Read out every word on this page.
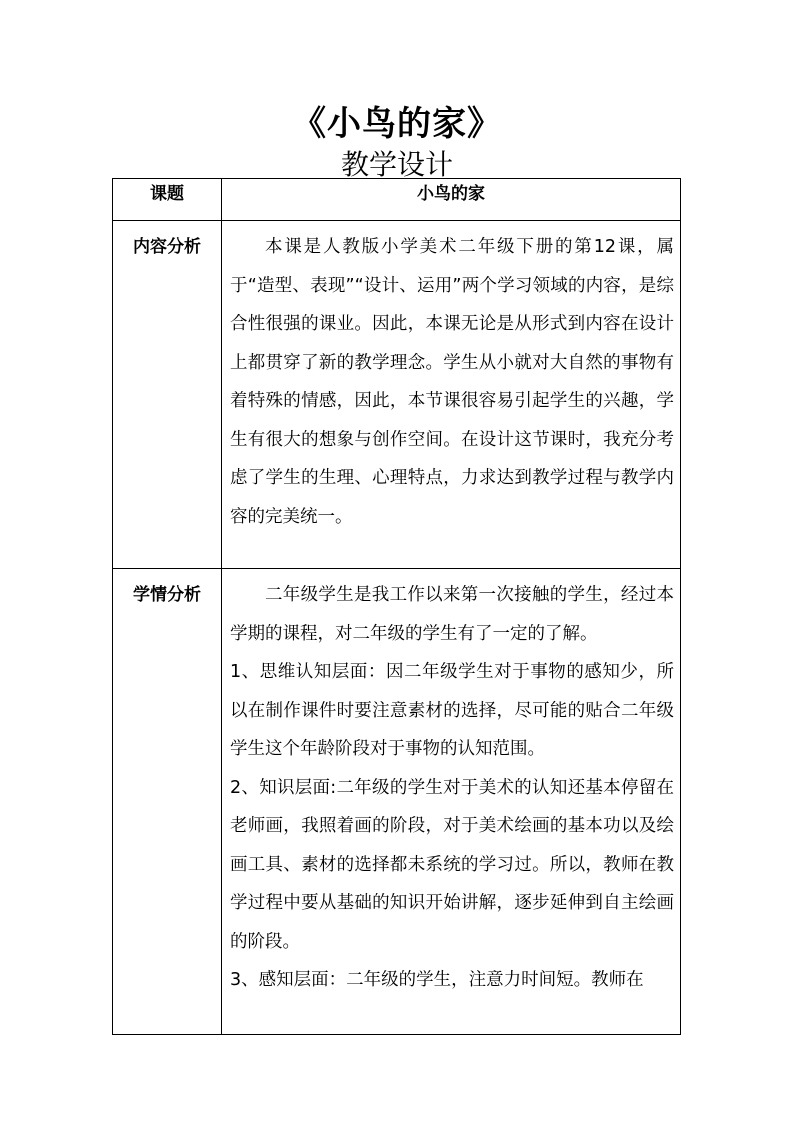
《小鸟的家》
教学设计
课题	小鸟的家
内容分析	本课是人教版小学美术二年级下册的第12课，属于“造型、表现”“设计、运用”两个学习领域的内容，是综合性很强的课业。因此，本课无论是从形式到内容在设计上都贯穿了新的教学理念。学生从小就对大自然的事物有着特殊的情感，因此，本节课很容易引起学生的兴趣，学生有很大的想象与创作空间。在设计这节课时，我充分考虑了学生的生理、心理特点，力求达到教学过程与教学内容的完美统一。

学情分析	二年级学生是我工作以来第一次接触的学生，经过本学期的课程，对二年级的学生有了一定的了解。

1、思维认知层面：因二年级学生对于事物的感知少，所以在制作课件时要注意素材的选择，尽可能的贴合二年级学生这个年龄阶段对于事物的认知范围。

2、知识层面:二年级的学生对于美术的认知还基本停留在老师画，我照着画的阶段，对于美术绘画的基本功以及绘画工具、素材的选择都未系统的学习过。所以，教师在教学过程中要从基础的知识开始讲解，逐步延伸到自主绘画的阶段。

3、感知层面：二年级的学生，注意力时间短。教师在
